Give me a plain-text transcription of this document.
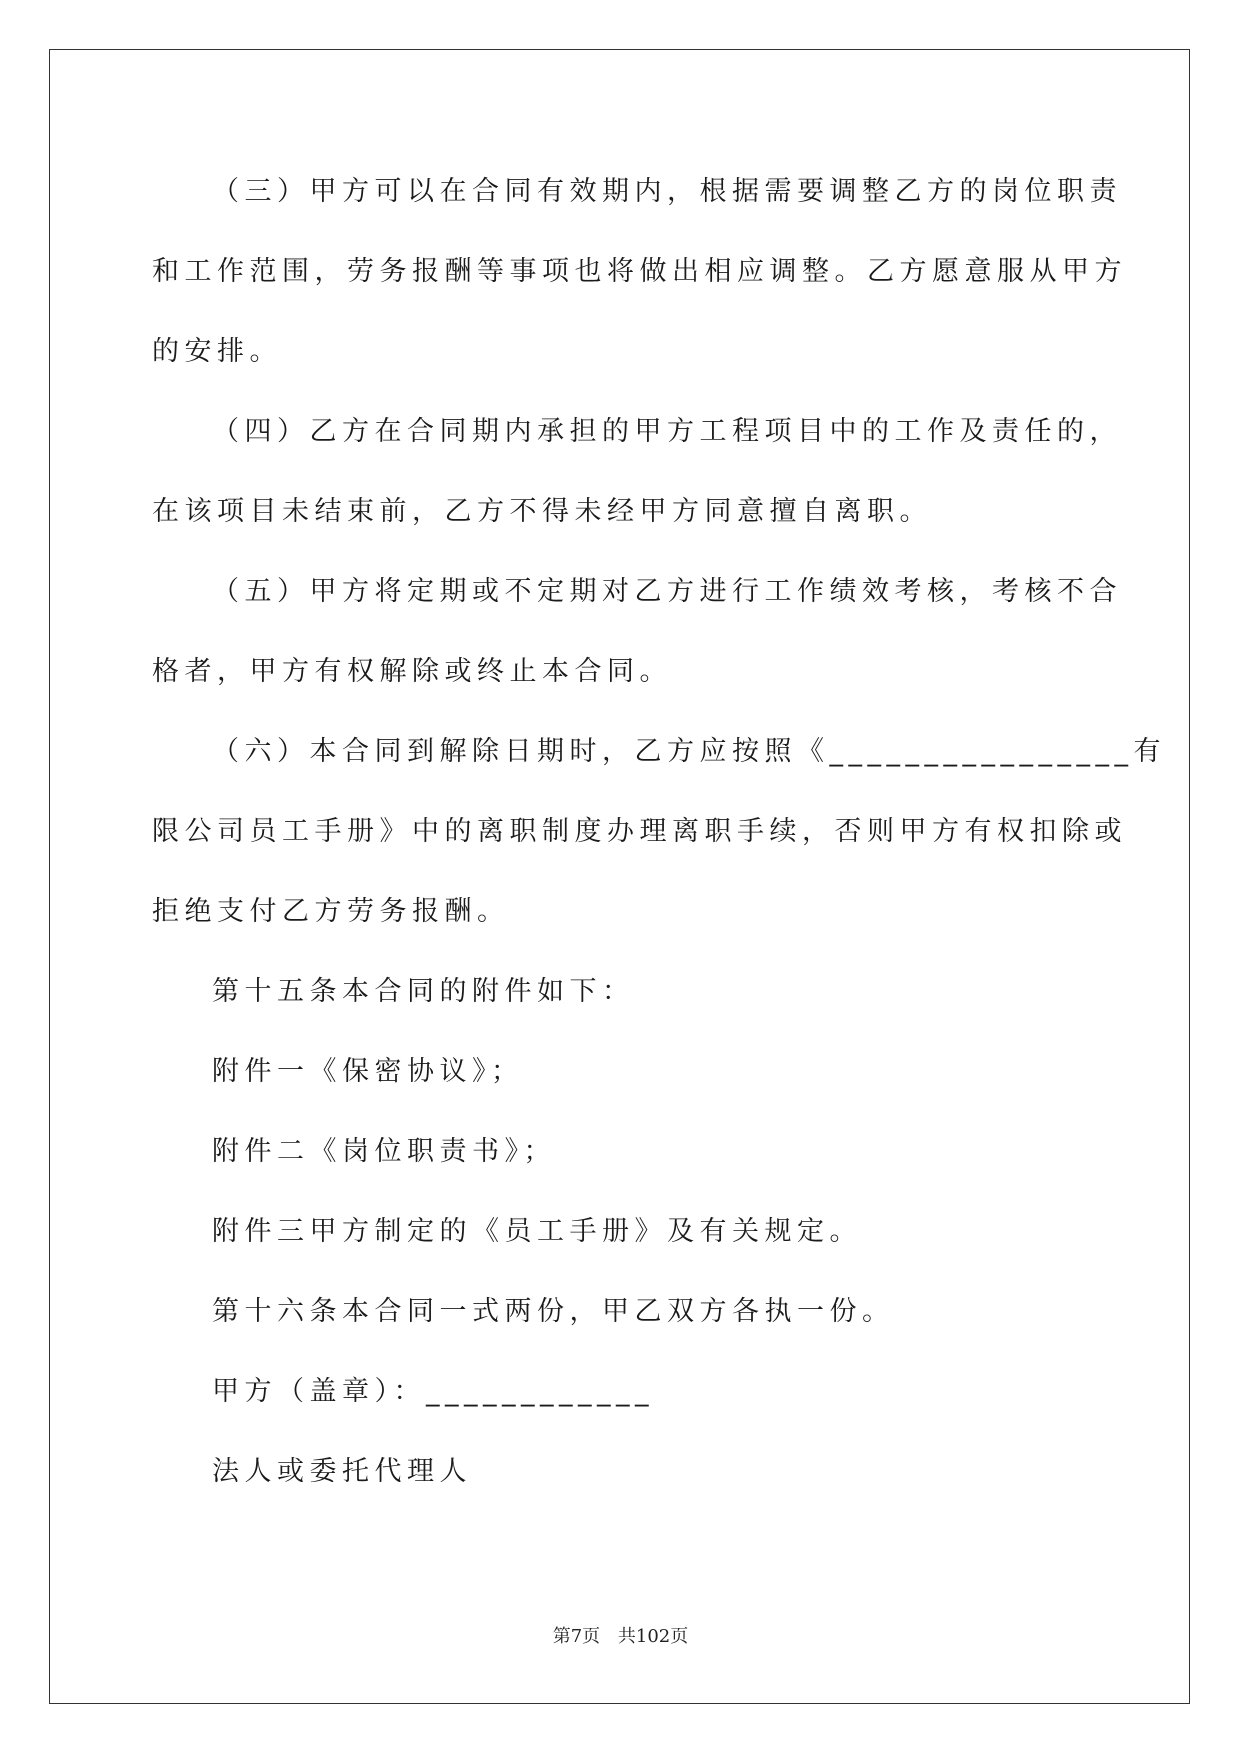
（三）甲方可以在合同有效期内，根据需要调整乙方的岗位职责
和工作范围，劳务报酬等事项也将做出相应调整。乙方愿意服从甲方
的安排。
（四）乙方在合同期内承担的甲方工程项目中的工作及责任的，
在该项目未结束前，乙方不得未经甲方同意擅自离职。
（五）甲方将定期或不定期对乙方进行工作绩效考核，考核不合
格者，甲方有权解除或终止本合同。
（六）本合同到解除日期时，乙方应按照《________________有
限公司员工手册》中的离职制度办理离职手续，否则甲方有权扣除或
拒绝支付乙方劳务报酬。
第十五条本合同的附件如下：
附件一《保密协议》；
附件二《岗位职责书》；
附件三甲方制定的《员工手册》及有关规定。
第十六条本合同一式两份，甲乙双方各执一份。
甲方（盖章）：____________
法人或委托代理人
第7页 共102页
